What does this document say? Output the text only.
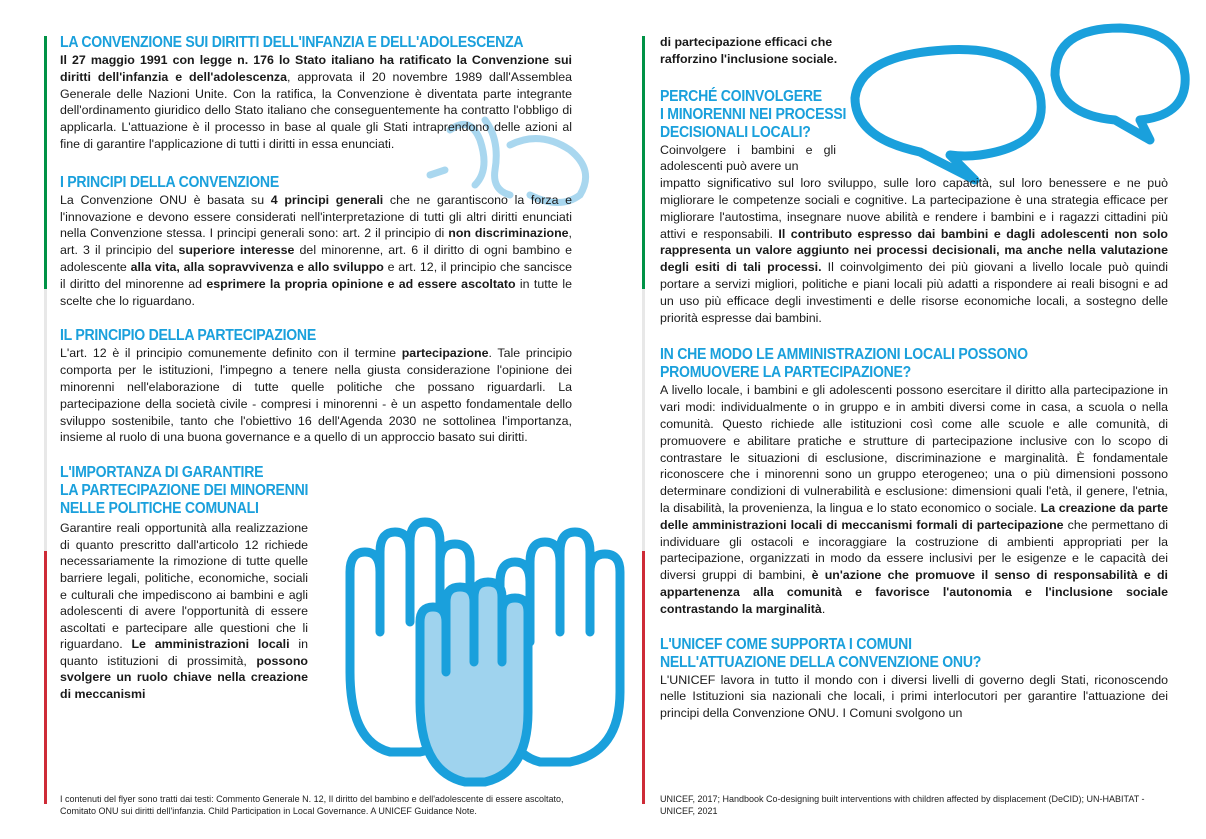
LA CONVENZIONE SUI DIRITTI DELL'INFANZIA E DELL'ADOLESCENZA

Il 27 maggio 1991 con legge n. 176 lo Stato italiano ha ratificato la Convenzione sui diritti dell'infanzia e dell'adolescenza, approvata il 20 novembre 1989 dall'Assemblea Generale delle Nazioni Unite. Con la ratifica, la Convenzione è diventata parte integrante dell'ordinamento giuridico dello Stato italiano che conseguentemente ha contratto l'obbligo di applicarla. L'attuazione è il processo in base al quale gli Stati intraprendono delle azioni al fine di garantire l'applicazione di tutti i diritti in essa enunciati.

I PRINCIPI DELLA CONVENZIONE

La Convenzione ONU è basata su 4 principi generali che ne garantiscono la forza e l'innovazione e devono essere considerati nell'interpretazione di tutti gli altri diritti enunciati nella Convenzione stessa. I principi generali sono: art. 2 il principio di non discriminazione, art. 3 il principio del superiore interesse del minorenne, art. 6 il diritto di ogni bambino e adolescente alla vita, alla sopravvivenza e allo sviluppo e art. 12, il principio che sancisce il diritto del minorenne ad esprimere la propria opinione e ad essere ascoltato in tutte le scelte che lo riguardano.

IL PRINCIPIO DELLA PARTECIPAZIONE

L'art. 12 è il principio comunemente definito con il termine partecipazione. Tale principio comporta per le istituzioni, l'impegno a tenere nella giusta considerazione l'opinione dei minorenni nell'elaborazione di tutte quelle politiche che possano riguardarli. La partecipazione della società civile - compresi i minorenni - è un aspetto fondamentale dello sviluppo sostenibile, tanto che l'obiettivo 16 dell'Agenda 2030 ne sottolinea l'importanza, insieme al ruolo di una buona governance e a quello di un approccio basato sui diritti.

L'IMPORTANZA DI GARANTIRE
LA PARTECIPAZIONE DEI MINORENNI
NELLE POLITICHE COMUNALI

Garantire reali opportunità alla realizzazione di quanto prescritto dall'articolo 12 richiede necessariamente la rimozione di tutte quelle barriere legali, politiche, economiche, sociali e culturali che impediscono ai bambini e agli adolescenti di avere l'opportunità di essere ascoltati e partecipare alle questioni che li riguardano. Le amministrazioni locali in quanto istituzioni di prossimità, possono svolgere un ruolo chiave nella creazione di meccanismi

I contenuti del flyer sono tratti dai testi: Commento Generale N. 12, Il diritto del bambino e dell'adolescente di essere ascoltato, Comitato ONU sui diritti dell'infanzia. Child Participation in Local Governance. A UNICEF Guidance Note.

di partecipazione efficaci che rafforzino l'inclusione sociale.

PERCHÉ COINVOLGERE
I MINORENNI NEI PROCESSI
DECISIONALI LOCALI?

Coinvolgere i bambini e gli adolescenti può avere un

impatto significativo sul loro sviluppo, sulle loro capacità, sul loro benessere e ne può migliorare le competenze sociali e cognitive. La partecipazione è una strategia efficace per migliorare l'autostima, insegnare nuove abilità e rendere i bambini e i ragazzi cittadini più attivi e responsabili. Il contributo espresso dai bambini e dagli adolescenti non solo rappresenta un valore aggiunto nei processi decisionali, ma anche nella valutazione degli esiti di tali processi. Il coinvolgimento dei più giovani a livello locale può quindi portare a servizi migliori, politiche e piani locali più adatti a rispondere ai reali bisogni e ad un uso più efficace degli investimenti e delle risorse economiche locali, a sostegno delle priorità espresse dai bambini.

IN CHE MODO LE AMMINISTRAZIONI LOCALI POSSONO
PROMUOVERE LA PARTECIPAZIONE?

A livello locale, i bambini e gli adolescenti possono esercitare il diritto alla partecipazione in vari modi: individualmente o in gruppo e in ambiti diversi come in casa, a scuola o nella comunità. Questo richiede alle istituzioni così come alle scuole e alle comunità, di promuovere e abilitare pratiche e strutture di partecipazione inclusive con lo scopo di contrastare le situazioni di esclusione, discriminazione e marginalità. È fondamentale riconoscere che i minorenni sono un gruppo eterogeneo; una o più dimensioni possono determinare condizioni di vulnerabilità e esclusione: dimensioni quali l'età, il genere, l'etnia, la disabilità, la provenienza, la lingua e lo stato economico o sociale. La creazione da parte delle amministrazioni locali di meccanismi formali di partecipazione che permettano di individuare gli ostacoli e incoraggiare la costruzione di ambienti appropriati per la partecipazione, organizzati in modo da essere inclusivi per le esigenze e le capacità dei diversi gruppi di bambini, è un'azione che promuove il senso di responsabilità e di appartenenza alla comunità e favorisce l'autonomia e l'inclusione sociale contrastando la marginalità.

L'UNICEF COME SUPPORTA I COMUNI
NELL'ATTUAZIONE DELLA CONVENZIONE ONU?

L'UNICEF lavora in tutto il mondo con i diversi livelli di governo degli Stati, riconoscendo nelle Istituzioni sia nazionali che locali, i primi interlocutori per garantire l'attuazione dei principi della Convenzione ONU. I Comuni svolgono un

UNICEF, 2017; Handbook Co-designing built interventions with children affected by displacement (DeCID); UN-HABITAT - UNICEF, 2021
